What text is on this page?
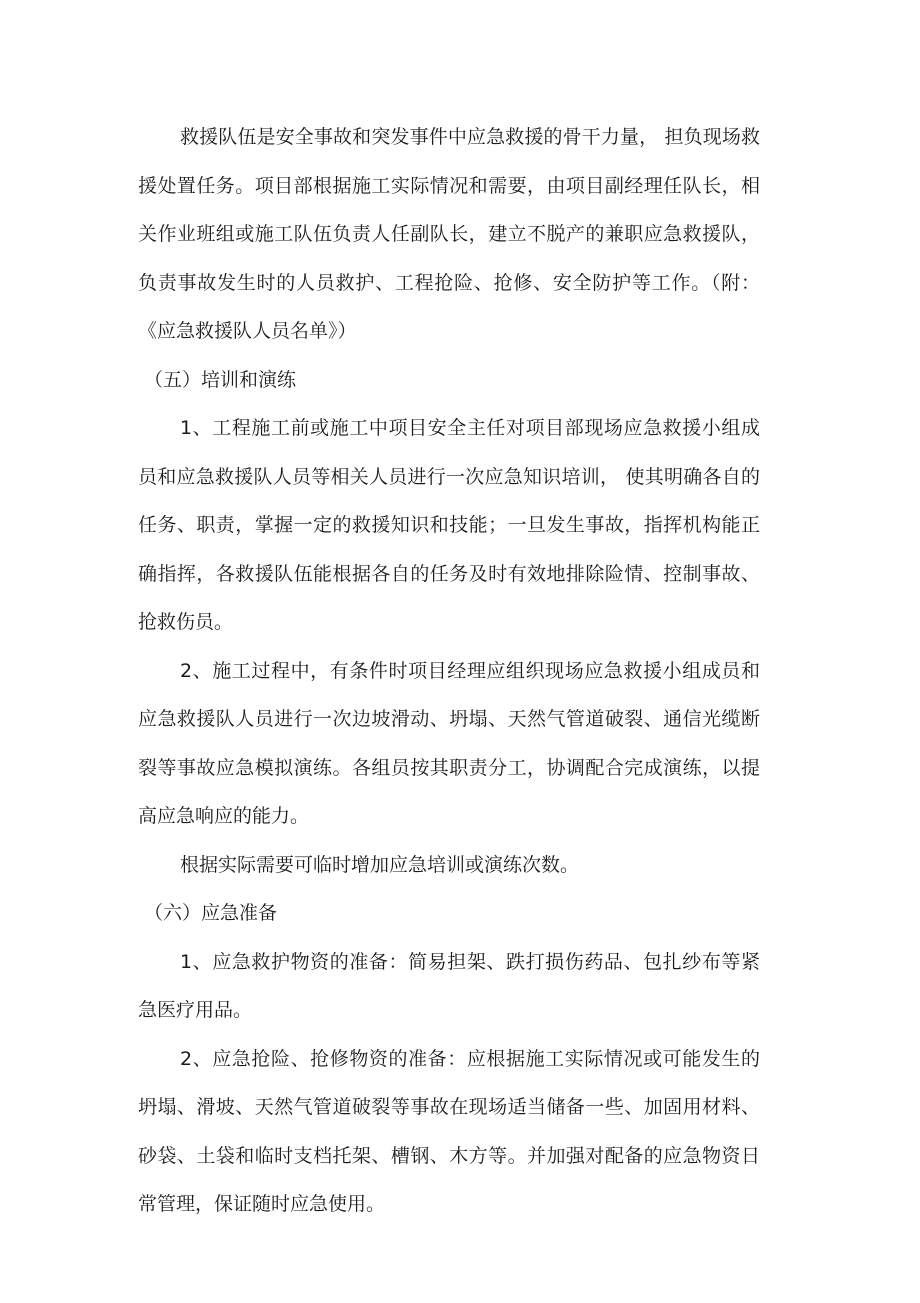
救援队伍是安全事故和突发事件中应急救援的骨干力量， 担负现场救援处置任务。项目部根据施工实际情况和需要，由项目副经理任队长，相关作业班组或施工队伍负责人任副队长，建立不脱产的兼职应急救援队，负责事故发生时的人员救护、工程抢险、抢修、安全防护等工作。（附：《应急救援队人员名单》）

（五）培训和演练

1、工程施工前或施工中项目安全主任对项目部现场应急救援小组成员和应急救援队人员等相关人员进行一次应急知识培训， 使其明确各自的任务、职责，掌握一定的救援知识和技能；一旦发生事故，指挥机构能正确指挥，各救援队伍能根据各自的任务及时有效地排除险情、控制事故、抢救伤员。

2、施工过程中，有条件时项目经理应组织现场应急救援小组成员和应急救援队人员进行一次边坡滑动、坍塌、天然气管道破裂、通信光缆断裂等事故应急模拟演练。各组员按其职责分工，协调配合完成演练，以提高应急响应的能力。

根据实际需要可临时增加应急培训或演练次数。

（六）应急准备

1、应急救护物资的准备：简易担架、跌打损伤药品、包扎纱布等紧急医疗用品。

2、应急抢险、抢修物资的准备：应根据施工实际情况或可能发生的坍塌、滑坡、天然气管道破裂等事故在现场适当储备一些、加固用材料、砂袋、土袋和临时支档托架、槽钢、木方等。并加强对配备的应急物资日常管理，保证随时应急使用。
